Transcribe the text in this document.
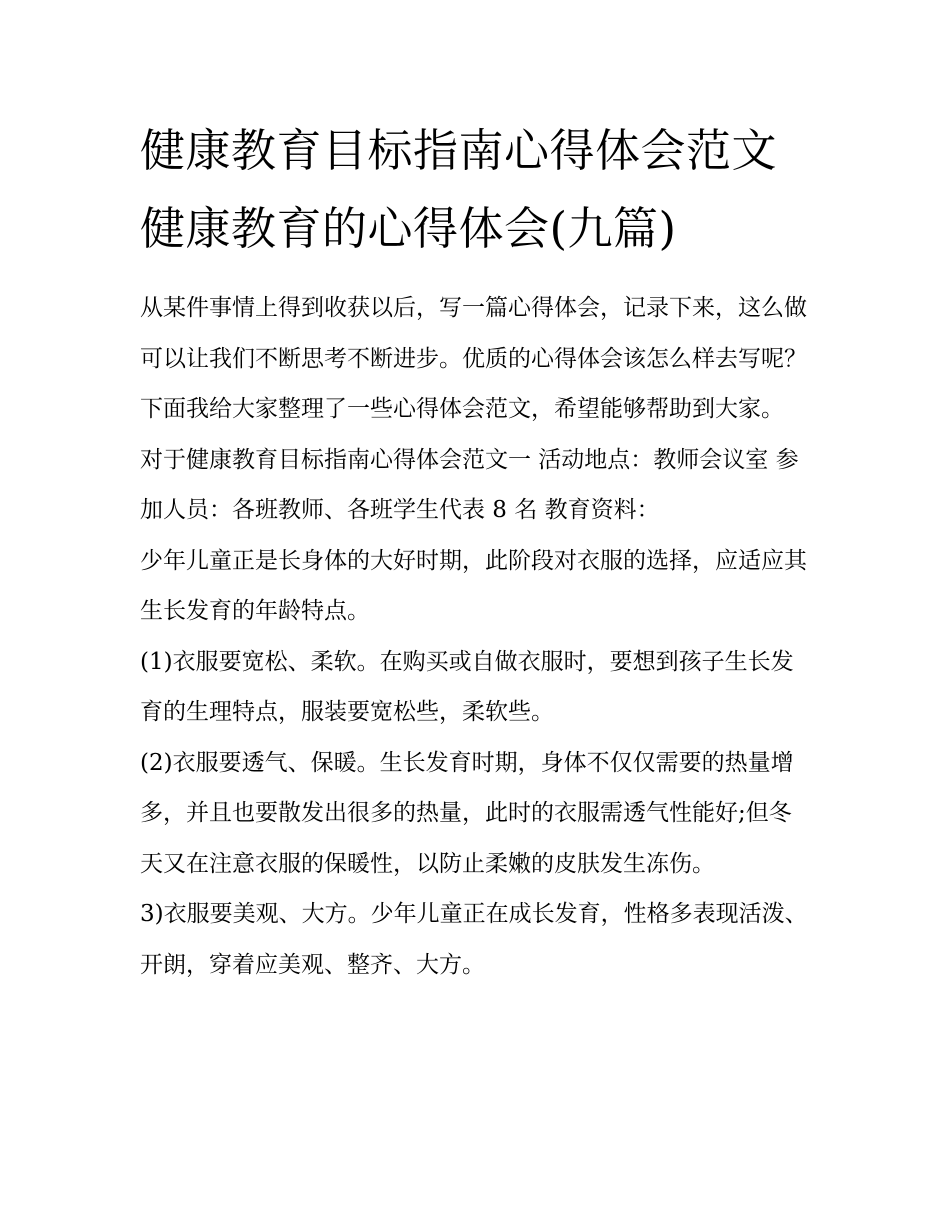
健康教育目标指南心得体会范文 健康教育的心得体会(九篇)

从某件事情上得到收获以后，写一篇心得体会，记录下来，这么做可以让我们不断思考不断进步。优质的心得体会该怎么样去写呢？下面我给大家整理了一些心得体会范文，希望能够帮助到大家。

对于健康教育目标指南心得体会范文一 活动地点：教师会议室 参加人员：各班教师、各班学生代表 8 名 教育资料：

少年儿童正是长身体的大好时期，此阶段对衣服的选择，应适应其生长发育的年龄特点。

(1)衣服要宽松、柔软。在购买或自做衣服时，要想到孩子生长发育的生理特点，服装要宽松些，柔软些。

(2)衣服要透气、保暖。生长发育时期，身体不仅仅需要的热量增多，并且也要散发出很多的热量，此时的衣服需透气性能好;但冬天又在注意衣服的保暖性，以防止柔嫩的皮肤发生冻伤。

3)衣服要美观、大方。少年儿童正在成长发育，性格多表现活泼、开朗，穿着应美观、整齐、大方。
